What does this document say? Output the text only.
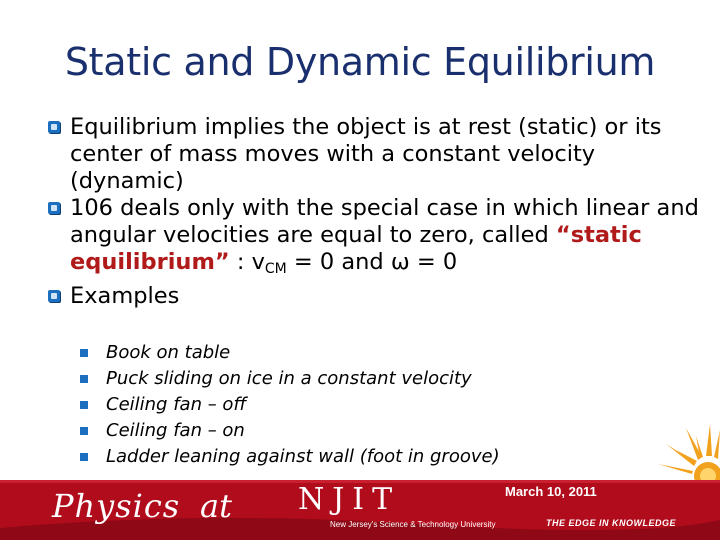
Static and Dynamic Equilibrium
Equilibrium implies the object is at rest (static) or its center of mass moves with a constant velocity (dynamic)
106 deals only with the special case in which linear and angular velocities are equal to zero, called “static equilibrium” : $v_{CM} = 0$ and ω = 0
Examples
Book on table
Puck sliding on ice in a constant velocity
Ceiling fan – off
Ceiling fan – on
Ladder leaning against wall (foot in groove)
March 10, 2011
Physics at NJIT
New Jersey's Science & Technology University	THE EDGE IN KNOWLEDGE
